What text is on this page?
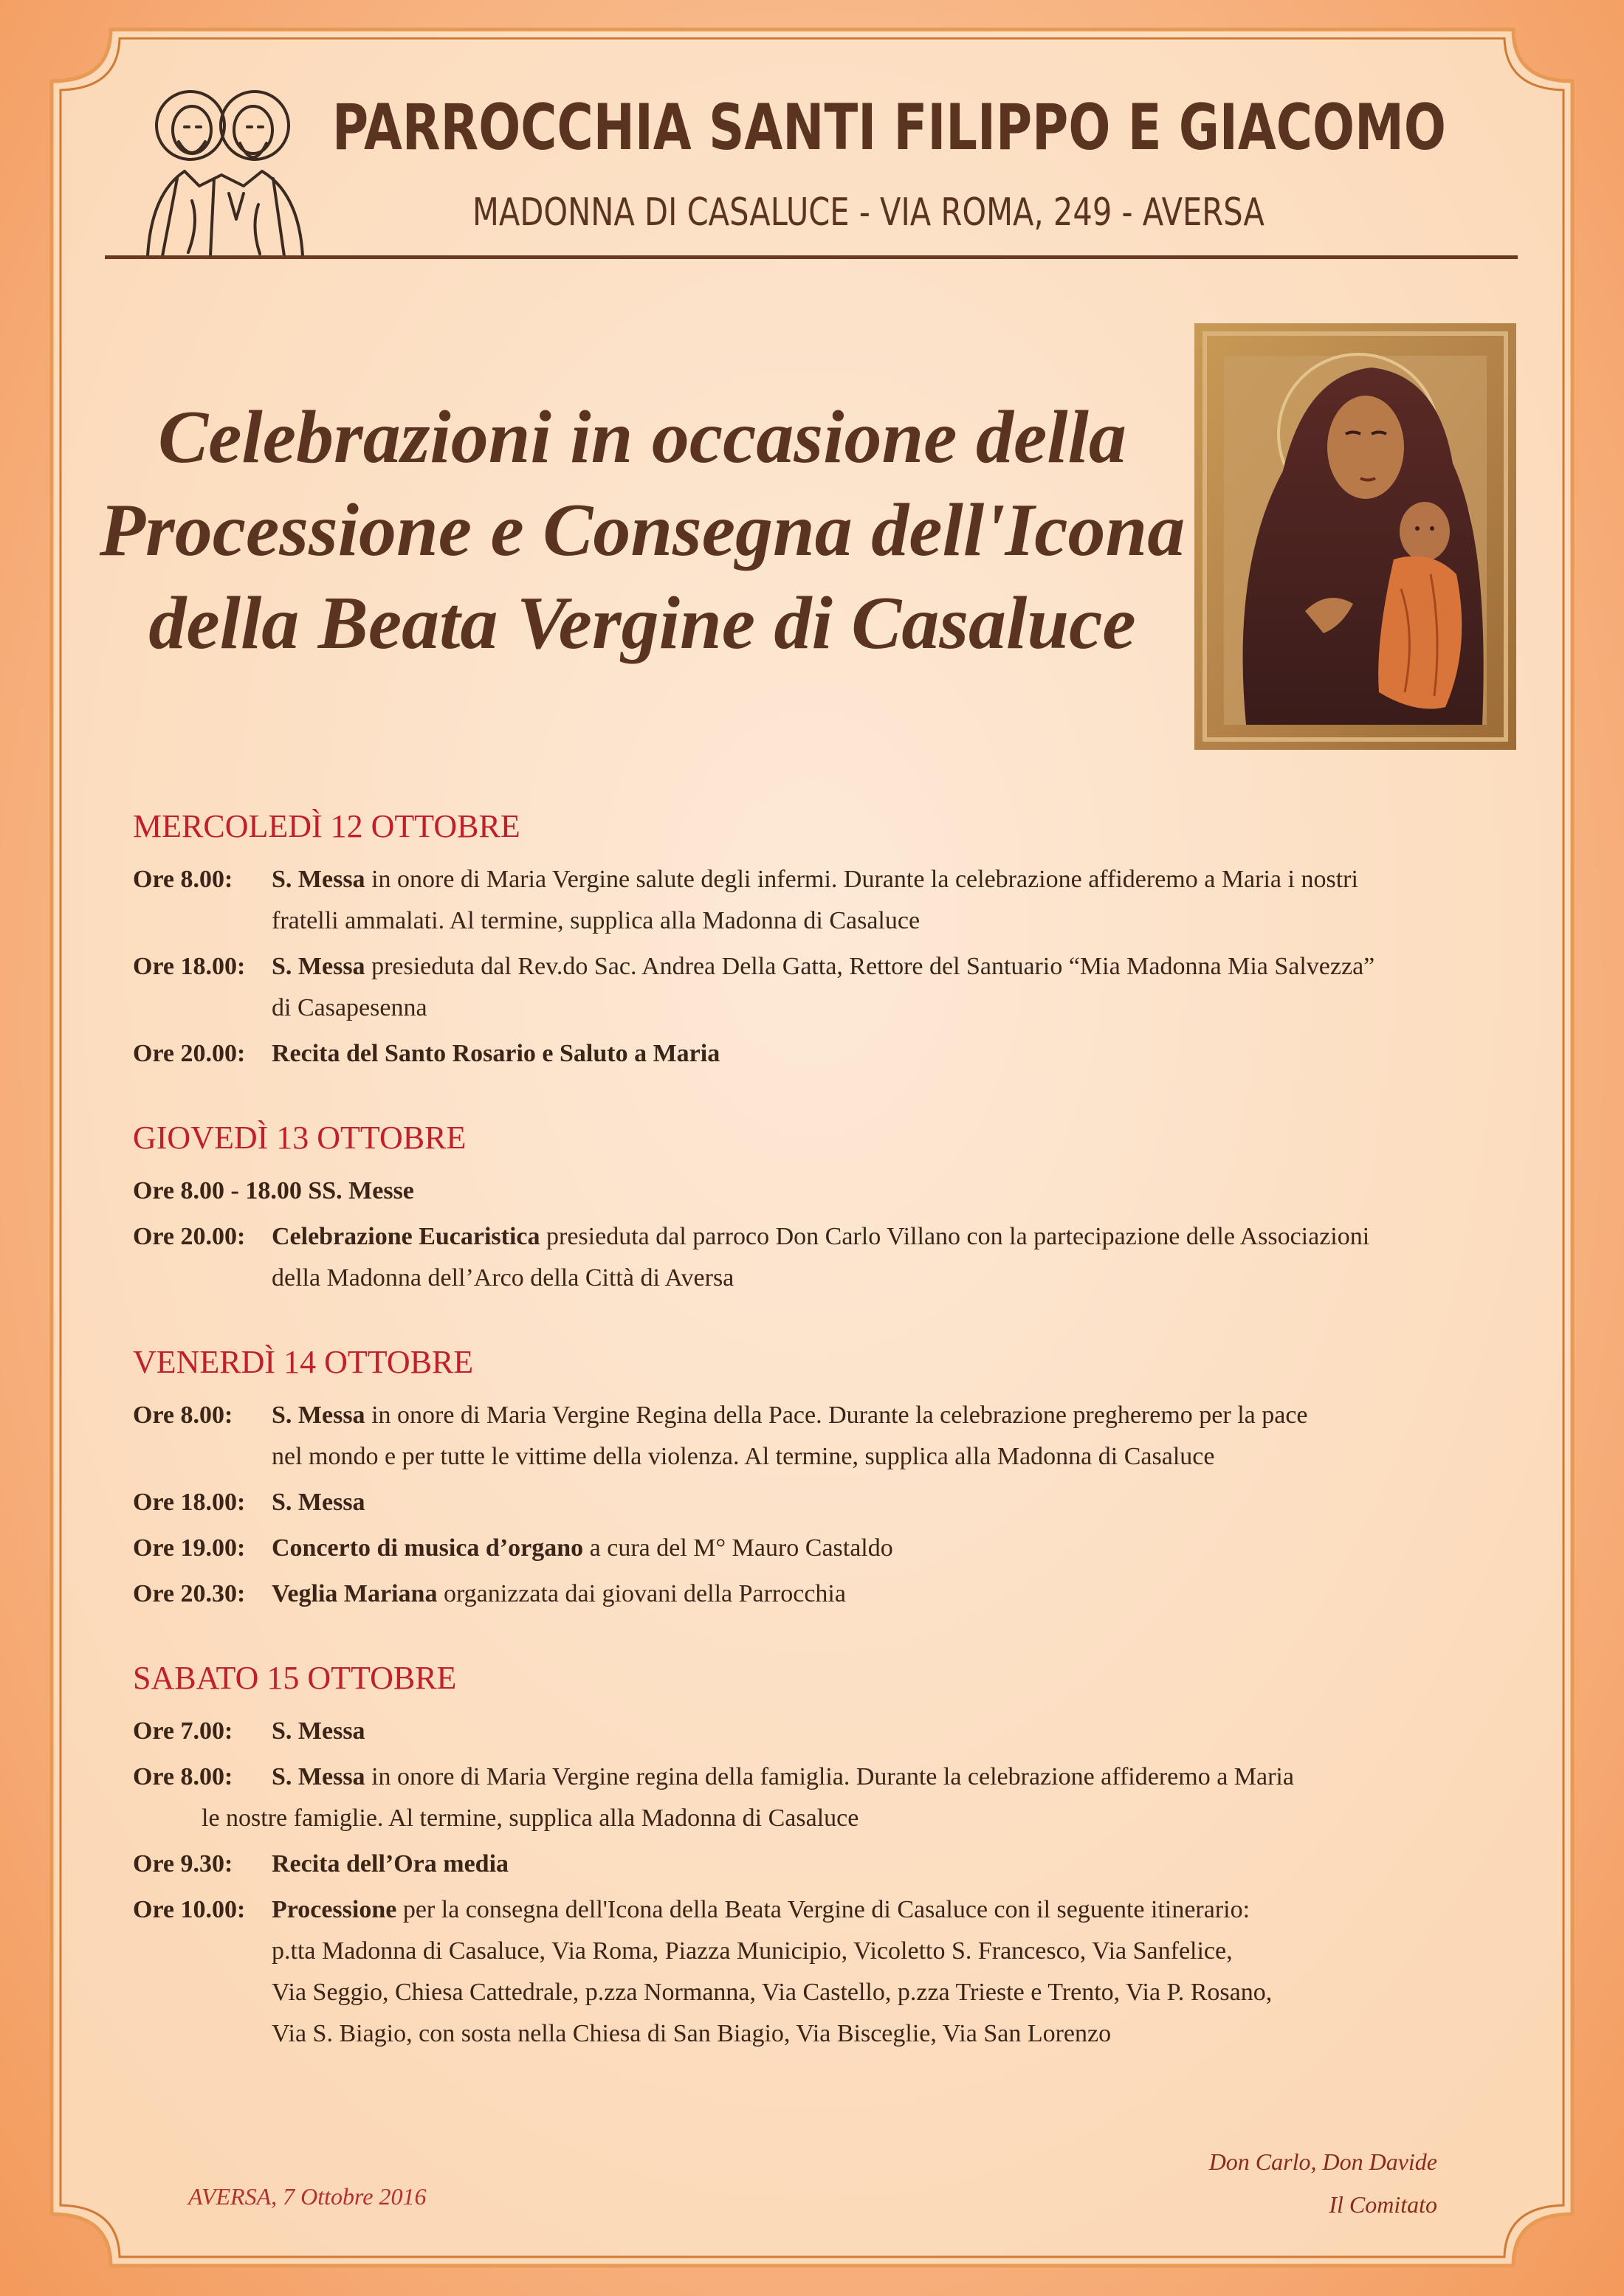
PARROCCHIA SANTI FILIPPO E GIACOMO
MADONNA DI CASALUCE - VIA ROMA, 249 - AVERSA
Celebrazioni in occasione della
Processione e Consegna dell'Icona
della Beata Vergine di Casaluce
MERCOLEDÌ 12 OTTOBRE
Ore 8.00:	S. Messa in onore di Maria Vergine salute degli infermi. Durante la celebrazione affideremo a Maria i nostri
fratelli ammalati. Al termine, supplica alla Madonna di Casaluce
Ore 18.00:	S. Messa presieduta dal Rev.do Sac. Andrea Della Gatta, Rettore del Santuario “Mia Madonna Mia Salvezza”
di Casapesenna
Ore 20.00:	Recita del Santo Rosario e Saluto a Maria
GIOVEDÌ 13 OTTOBRE
Ore 8.00 - 18.00 SS. Messe
Ore 20.00:	Celebrazione Eucaristica presieduta dal parroco Don Carlo Villano con la partecipazione delle Associazioni
della Madonna dell’Arco della Città di Aversa
VENERDÌ 14 OTTOBRE
Ore 8.00:	S. Messa in onore di Maria Vergine Regina della Pace. Durante la celebrazione pregheremo per la pace
nel mondo e per tutte le vittime della violenza. Al termine, supplica alla Madonna di Casaluce
Ore 18.00:	S. Messa
Ore 19.00:	Concerto di musica d’organo a cura del M° Mauro Castaldo
Ore 20.30:	Veglia Mariana organizzata dai giovani della Parrocchia
SABATO 15 OTTOBRE
Ore 7.00:	S. Messa
Ore 8.00:	S. Messa in onore di Maria Vergine regina della famiglia. Durante la celebrazione affideremo a Maria
le nostre famiglie. Al termine, supplica alla Madonna di Casaluce
Ore 9.30:	Recita dell’Ora media
Ore 10.00:	Processione per la consegna dell'Icona della Beata Vergine di Casaluce con il seguente itinerario:
p.tta Madonna di Casaluce, Via Roma, Piazza Municipio, Vicoletto S. Francesco, Via Sanfelice,
Via Seggio, Chiesa Cattedrale, p.zza Normanna, Via Castello, p.zza Trieste e Trento, Via P. Rosano,
Via S. Biagio, con sosta nella Chiesa di San Biagio, Via Bisceglie, Via San Lorenzo
AVERSA, 7 Ottobre 2016
Don Carlo, Don Davide
Il Comitato
